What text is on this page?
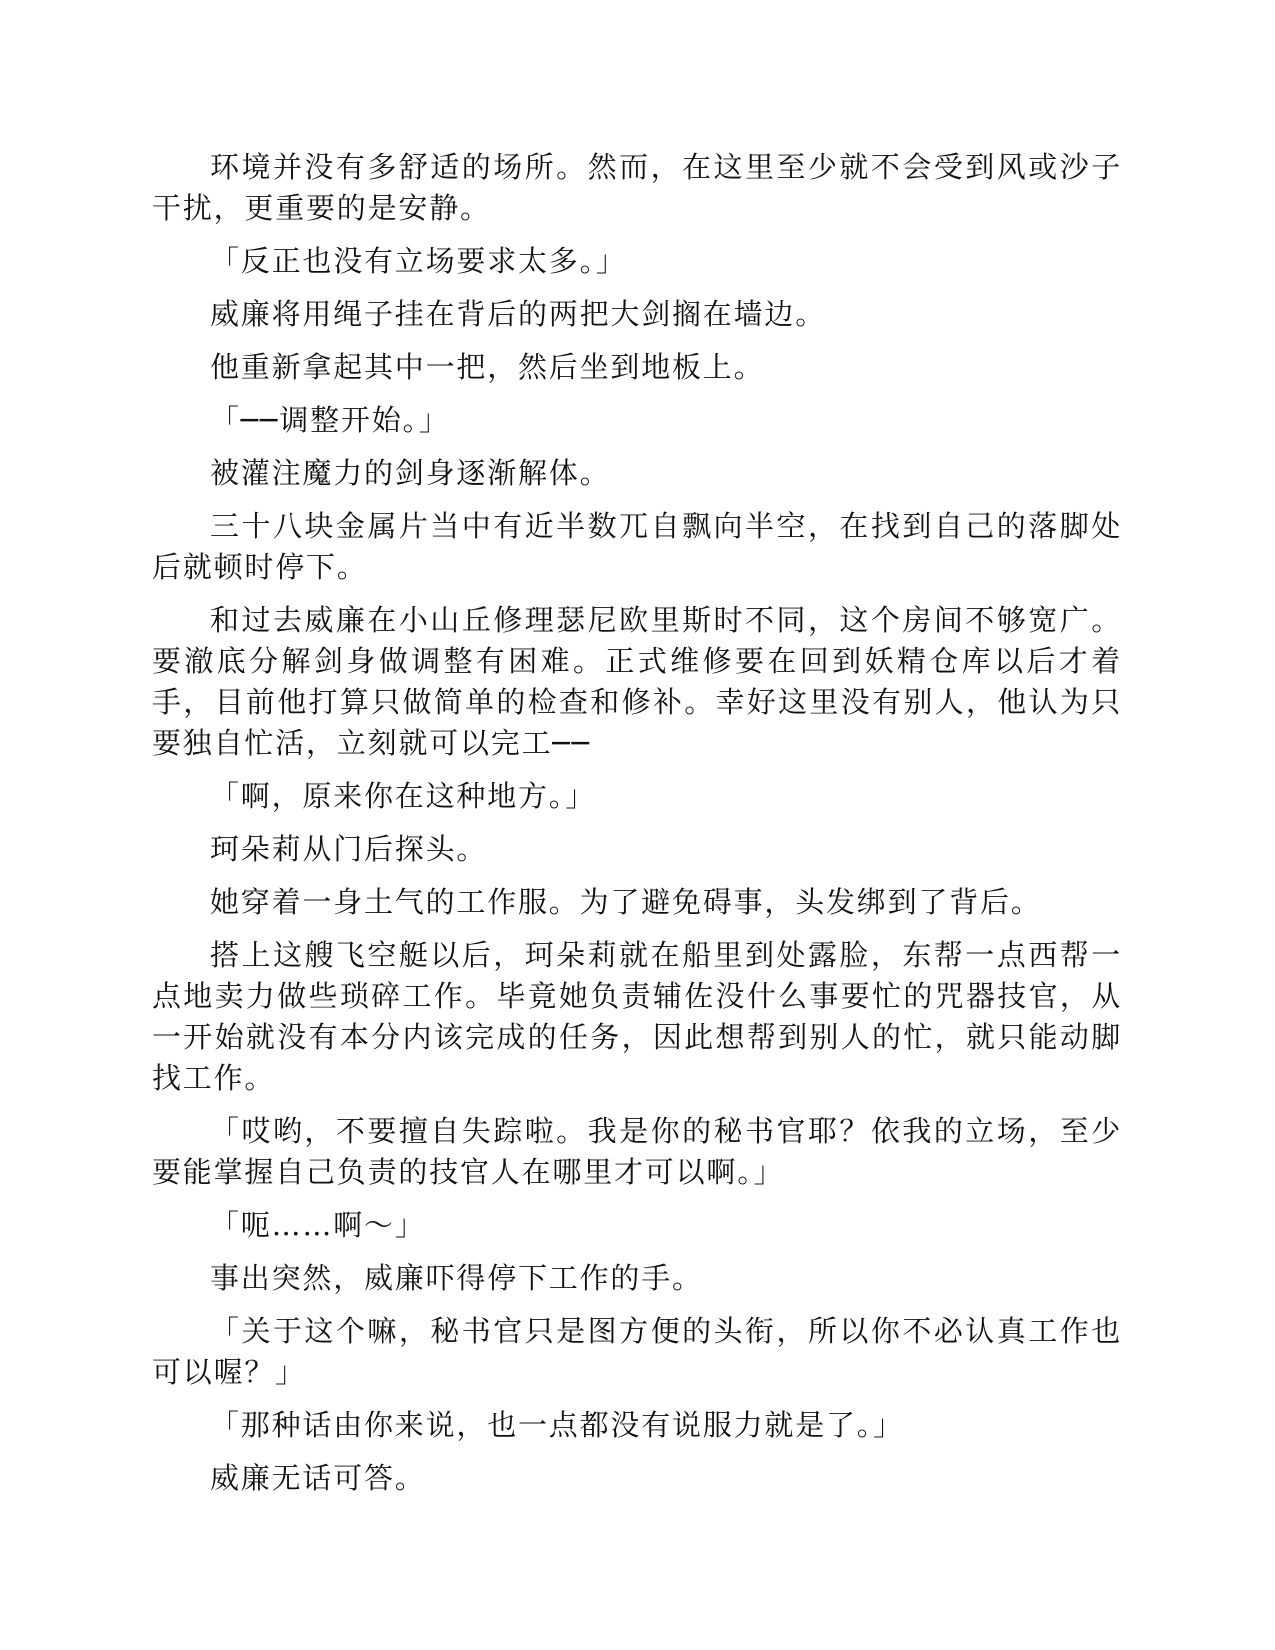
环境并没有多舒适的场所。然而，在这里至少就不会受到风或沙子干扰，更重要的是安静。

「反正也没有立场要求太多。」

威廉将用绳子挂在背后的两把大剑搁在墙边。

他重新拿起其中一把，然后坐到地板上。

「──调整开始。」

被灌注魔力的剑身逐渐解体。

三十八块金属片当中有近半数兀自飘向半空，在找到自己的落脚处后就顿时停下。

和过去威廉在小山丘修理瑟尼欧里斯时不同，这个房间不够宽广。要澈底分解剑身做调整有困难。正式维修要在回到妖精仓库以后才着手，目前他打算只做简单的检查和修补。幸好这里没有别人，他认为只要独自忙活，立刻就可以完工──

「啊，原来你在这种地方。」

珂朵莉从门后探头。

她穿着一身土气的工作服。为了避免碍事，头发绑到了背后。

搭上这艘飞空艇以后，珂朵莉就在船里到处露脸，东帮一点西帮一点地卖力做些琐碎工作。毕竟她负责辅佐没什么事要忙的咒器技官，从一开始就没有本分内该完成的任务，因此想帮到别人的忙，就只能动脚找工作。

「哎哟，不要擅自失踪啦。我是你的秘书官耶？依我的立场，至少要能掌握自己负责的技官人在哪里才可以啊。」

「呃……啊～」

事出突然，威廉吓得停下工作的手。

「关于这个嘛，秘书官只是图方便的头衔，所以你不必认真工作也可以喔？」

「那种话由你来说，也一点都没有说服力就是了。」

威廉无话可答。
